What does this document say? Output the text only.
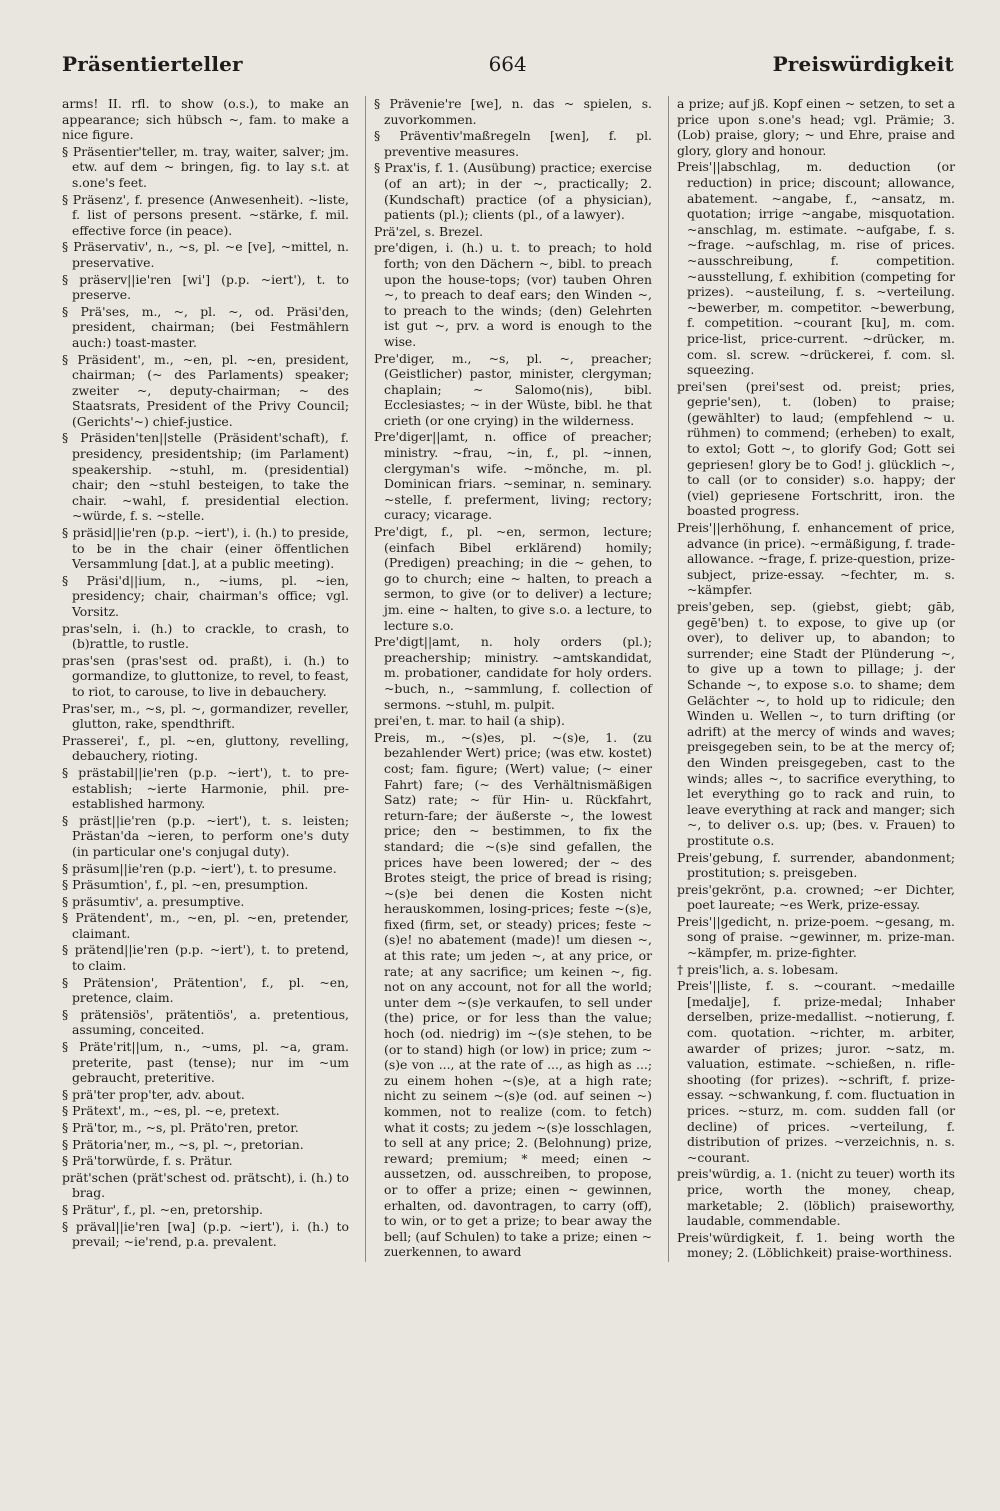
Präsentierteller	664	Preiswürdigkeit

arms! II. rfl. to show (o.s.), to make an appearance; sich hübsch ~, fam. to make a nice figure.

§ Präsentier'teller, m. tray, waiter, salver; jm. etw. auf dem ~ bringen, fig. to lay s.t. at s.one's feet.

§ Präsenz', f. presence (Anwesenheit). ~liste, f. list of persons present. ~stärke, f. mil. effective force (in peace).

§ Präservativ', n., ~s, pl. ~e [ve], ~mittel, n. preservative.

§ präserv||ie'ren [wi'] (p.p. ~iert'), t. to preserve.

§ Prä'ses, m., ~, pl. ~, od. Präsi'den, president, chairman; (bei Festmählern auch:) toast-master.

§ Präsident', m., ~en, pl. ~en, president, chairman; (~ des Parlaments) speaker; zweiter ~, deputy-chairman; ~ des Staatsrats, President of the Privy Council; (Gerichts'~) chief-justice.

§ Präsiden'ten||stelle (Präsident'schaft), f. presidency, presidentship; (im Parlament) speakership. ~stuhl, m. (presidential) chair; den ~stuhl besteigen, to take the chair. ~wahl, f. presidential election. ~würde, f. s. ~stelle.

§ präsid||ie'ren (p.p. ~iert'), i. (h.) to preside, to be in the chair (einer öffentlichen Versammlung [dat.], at a public meeting).

§ Präsi'd||ium, n., ~iums, pl. ~ien, presidency; chair, chairman's office; vgl. Vorsitz.

pras'seln, i. (h.) to crackle, to crash, to (b)rattle, to rustle.

pras'sen (pras'sest od. praßt), i. (h.) to gormandize, to gluttonize, to revel, to feast, to riot, to carouse, to live in debauchery.

Pras'ser, m., ~s, pl. ~, gormandizer, reveller, glutton, rake, spendthrift.

Prasserei', f., pl. ~en, gluttony, revelling, debauchery, rioting.

§ prästabil||ie'ren (p.p. ~iert'), t. to pre-establish; ~ierte Harmonie, phil. pre-established harmony.

§ präst||ie'ren (p.p. ~iert'), t. s. leisten; Prästan'da ~ieren, to perform one's duty (in particular one's conjugal duty).

§ präsum||ie'ren (p.p. ~iert'), t. to presume.

§ Präsumtion', f., pl. ~en, presumption.

§ präsumtiv', a. presumptive.

§ Prätendent', m., ~en, pl. ~en, pretender, claimant.

§ prätend||ie'ren (p.p. ~iert'), t. to pretend, to claim.

§ Prätension', Prätention', f., pl. ~en, pretence, claim.

§ prätensiös', prätentiös', a. pretentious, assuming, conceited.

§ Präte'rit||um, n., ~ums, pl. ~a, gram. preterite, past (tense); nur im ~um gebraucht, preteritive.

§ prä'ter prop'ter, adv. about.

§ Prätext', m., ~es, pl. ~e, pretext.

§ Prä'tor, m., ~s, pl. Präto'ren, pretor.

§ Prätoria'ner, m., ~s, pl. ~, pretorian.

§ Prä'torwürde, f. s. Prätur.

prät'schen (prät'schest od. prätscht), i. (h.) to brag.

§ Prätur', f., pl. ~en, pretorship.

§ präval||ie'ren [wa] (p.p. ~iert'), i. (h.) to prevail; ~ie'rend, p.a. prevalent.

§ Prävenie're [we], n. das ~ spielen, s. zuvorkommen.

§ Präventiv'maßregeln [wen], f. pl. preventive measures.

§ Prax'is, f. 1. (Ausübung) practice; exercise (of an art); in der ~, practically; 2. (Kundschaft) practice (of a physician), patients (pl.); clients (pl., of a lawyer).

Prä'zel, s. Brezel.

pre'digen, i. (h.) u. t. to preach; to hold forth; von den Dächern ~, bibl. to preach upon the house-tops; (vor) tauben Ohren ~, to preach to deaf ears; den Winden ~, to preach to the winds; (den) Gelehrten ist gut ~, prv. a word is enough to the wise.

Pre'diger, m., ~s, pl. ~, preacher; (Geistlicher) pastor, minister, clergyman; chaplain; ~ Salomo(nis), bibl. Ecclesiastes; ~ in der Wüste, bibl. he that crieth (or one crying) in the wilderness.

Pre'diger||amt, n. office of preacher; ministry. ~frau, ~in, f., pl. ~innen, clergyman's wife. ~mönche, m. pl. Dominican friars. ~seminar, n. seminary. ~stelle, f. preferment, living; rectory; curacy; vicarage.

Pre'digt, f., pl. ~en, sermon, lecture; (einfach Bibel erklärend) homily; (Predigen) preaching; in die ~ gehen, to go to church; eine ~ halten, to preach a sermon, to give (or to deliver) a lecture; jm. eine ~ halten, to give s.o. a lecture, to lecture s.o.

Pre'digt||amt, n. holy orders (pl.); preachership; ministry. ~amtskandidat, m. probationer, candidate for holy orders. ~buch, n., ~sammlung, f. collection of sermons. ~stuhl, m. pulpit.

prei'en, t. mar. to hail (a ship).

Preis, m., ~(s)es, pl. ~(s)e, 1. (zu bezahlender Wert) price; (was etw. kostet) cost; fam. figure; (Wert) value; (~ einer Fahrt) fare; (~ des Verhältnismäßigen Satz) rate; ~ für Hin- u. Rückfahrt, return-fare; der äußerste ~, the lowest price; den ~ bestimmen, to fix the standard; die ~(s)e sind gefallen, the prices have been lowered; der ~ des Brotes steigt, the price of bread is rising; ~(s)e bei denen die Kosten nicht herauskommen, losing-prices; feste ~(s)e, fixed (firm, set, or steady) prices; feste ~(s)e! no abatement (made)! um diesen ~, at this rate; um jeden ~, at any price, or rate; at any sacrifice; um keinen ~, fig. not on any account, not for all the world; unter dem ~(s)e verkaufen, to sell under (the) price, or for less than the value; hoch (od. niedrig) im ~(s)e stehen, to be (or to stand) high (or low) in price; zum ~(s)e von ..., at the rate of ..., as high as ...; zu einem hohen ~(s)e, at a high rate; nicht zu seinem ~(s)e (od. auf seinen ~) kommen, not to realize (com. to fetch) what it costs; zu jedem ~(s)e losschlagen, to sell at any price; 2. (Belohnung) prize, reward; premium; * meed; einen ~ aussetzen, od. ausschreiben, to propose, or to offer a prize; einen ~ gewinnen, erhalten, od. davontragen, to carry (off), to win, or to get a prize; to bear away the bell; (auf Schulen) to take a prize; einen ~ zuerkennen, to award

a prize; auf jß. Kopf einen ~ setzen, to set a price upon s.one's head; vgl. Prämie; 3. (Lob) praise, glory; ~ und Ehre, praise and glory, glory and honour.

Preis'||abschlag, m. deduction (or reduction) in price; discount; allowance, abatement. ~angabe, f., ~ansatz, m. quotation; irrige ~angabe, misquotation. ~anschlag, m. estimate. ~aufgabe, f. s. ~frage. ~aufschlag, m. rise of prices. ~ausschreibung, f. competition. ~ausstellung, f. exhibition (competing for prizes). ~austeilung, f. s. ~verteilung. ~bewerber, m. competitor. ~bewerbung, f. competition. ~courant [ku], m. com. price-list, price-current. ~drücker, m. com. sl. screw. ~drückerei, f. com. sl. squeezing.

prei'sen (prei'sest od. preist; pries, geprie'sen), t. (loben) to praise; (gewählter) to laud; (empfehlend ~ u. rühmen) to commend; (erheben) to exalt, to extol; Gott ~, to glorify God; Gott sei gepriesen! glory be to God! j. glücklich ~, to call (or to consider) s.o. happy; der (viel) gepriesene Fortschritt, iron. the boasted progress.

Preis'||erhöhung, f. enhancement of price, advance (in price). ~ermäßigung, f. trade-allowance. ~frage, f. prize-question, prize-subject, prize-essay. ~fechter, m. s. ~kämpfer.

preis'geben, sep. (giebst, giebt; gāb, gegē'ben) t. to expose, to give up (or over), to deliver up, to abandon; to surrender; eine Stadt der Plünderung ~, to give up a town to pillage; j. der Schande ~, to expose s.o. to shame; dem Gelächter ~, to hold up to ridicule; den Winden u. Wellen ~, to turn drifting (or adrift) at the mercy of winds and waves; preisgegeben sein, to be at the mercy of; den Winden preisgegeben, cast to the winds; alles ~, to sacrifice everything, to let everything go to rack and ruin, to leave everything at rack and manger; sich ~, to deliver o.s. up; (bes. v. Frauen) to prostitute o.s.

Preis'gebung, f. surrender, abandonment; prostitution; s. preisgeben.

preis'gekrönt, p.a. crowned; ~er Dichter, poet laureate; ~es Werk, prize-essay.

Preis'||gedicht, n. prize-poem. ~gesang, m. song of praise. ~gewinner, m. prize-man. ~kämpfer, m. prize-fighter.

† preis'lich, a. s. lobesam.

Preis'||liste, f. s. ~courant. ~medaille [medalje], f. prize-medal; Inhaber derselben, prize-medallist. ~notierung, f. com. quotation. ~richter, m. arbiter, awarder of prizes; juror. ~satz, m. valuation, estimate. ~schießen, n. rifle-shooting (for prizes). ~schrift, f. prize-essay. ~schwankung, f. com. fluctuation in prices. ~sturz, m. com. sudden fall (or decline) of prices. ~verteilung, f. distribution of prizes. ~verzeichnis, n. s. ~courant.

preis'würdig, a. 1. (nicht zu teuer) worth its price, worth the money, cheap, marketable; 2. (löblich) praiseworthy, laudable, commendable.

Preis'würdigkeit, f. 1. being worth the money; 2. (Löblichkeit) praise-worthiness.
